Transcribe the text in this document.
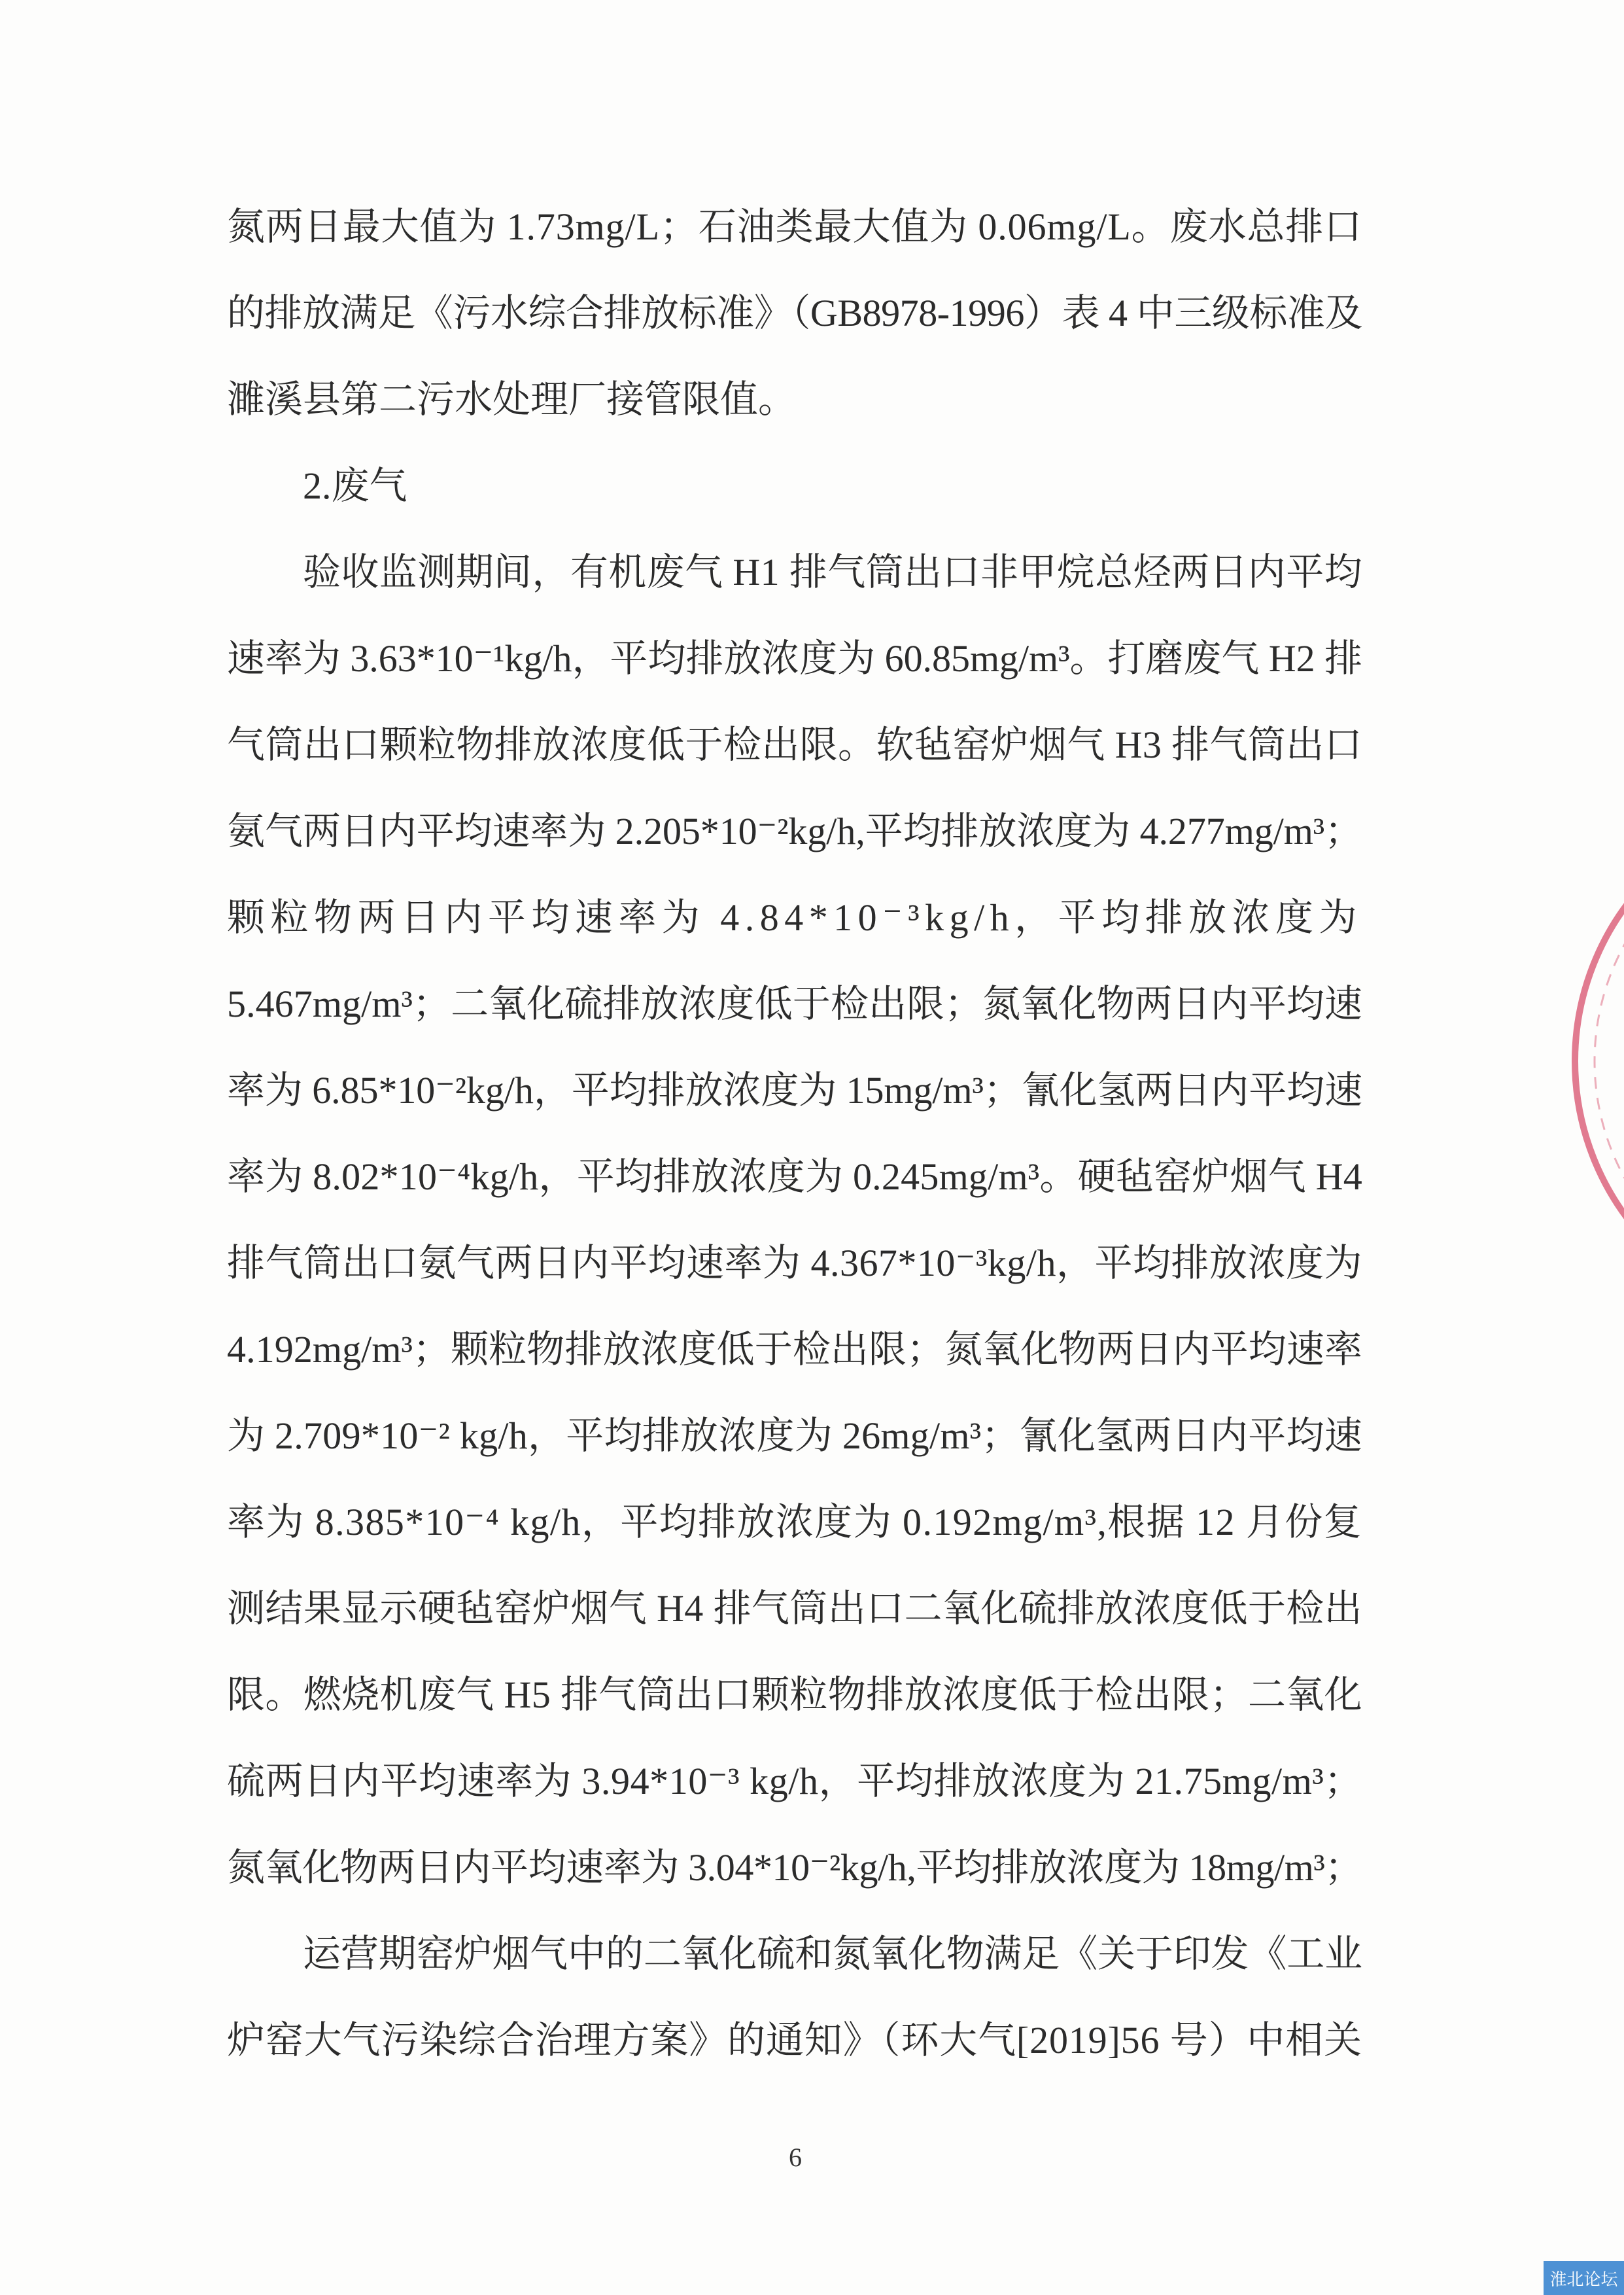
氮两日最大值为 1.73mg/L；石油类最大值为 0.06mg/L。废水总排口
的排放满足《污水综合排放标准》（GB8978-1996）表 4 中三级标准及
濉溪县第二污水处理厂接管限值。
2.废气
验收监测期间，有机废气 H1 排气筒出口非甲烷总烃两日内平均
速率为 3.63*10⁻¹kg/h，平均排放浓度为 60.85mg/m³。打磨废气 H2 排
气筒出口颗粒物排放浓度低于检出限。软毡窑炉烟气 H3 排气筒出口
氨气两日内平均速率为 2.205*10⁻²kg/h,平均排放浓度为 4.277mg/m³；
颗粒物两日内平均速率为 4.84*10⁻³kg/h，平均排放浓度为
5.467mg/m³；二氧化硫排放浓度低于检出限；氮氧化物两日内平均速
率为 6.85*10⁻²kg/h，平均排放浓度为 15mg/m³；氰化氢两日内平均速
率为 8.02*10⁻⁴kg/h，平均排放浓度为 0.245mg/m³。硬毡窑炉烟气 H4
排气筒出口氨气两日内平均速率为 4.367*10⁻³kg/h，平均排放浓度为
4.192mg/m³；颗粒物排放浓度低于检出限；氮氧化物两日内平均速率
为 2.709*10⁻² kg/h，平均排放浓度为 26mg/m³；氰化氢两日内平均速
率为 8.385*10⁻⁴ kg/h，平均排放浓度为 0.192mg/m³,根据 12 月份复
测结果显示硬毡窑炉烟气 H4 排气筒出口二氧化硫排放浓度低于检出
限。燃烧机废气 H5 排气筒出口颗粒物排放浓度低于检出限；二氧化
硫两日内平均速率为 3.94*10⁻³ kg/h，平均排放浓度为 21.75mg/m³；
氮氧化物两日内平均速率为 3.04*10⁻²kg/h,平均排放浓度为 18mg/m³；
运营期窑炉烟气中的二氧化硫和氮氧化物满足《关于印发《工业
炉窑大气污染综合治理方案》的通知》（环大气[2019]56 号）中相关
6
淮北论坛
